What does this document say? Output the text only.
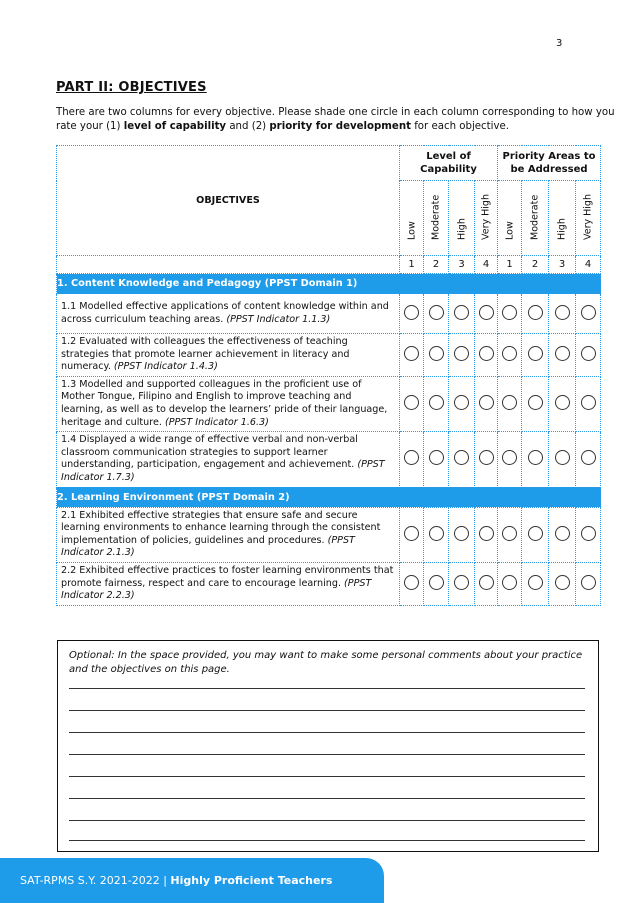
3
PART II: OBJECTIVES
There are two columns for every objective. Please shade one circle in each column corresponding to how you rate your (1) level of capability and (2) priority for development for each objective.
OBJECTIVES	Level of Capability				Priority Areas to be Addressed			

	Low	Moderate	High	Very High	Low	Moderate	High	Very High

	1	2	3	4	1	2	3	4
1. Content Knowledge and Pedagogy (PPST Domain 1)								
1.1 Modelled effective applications of content knowledge within and across curriculum teaching areas. (PPST Indicator 1.1.3)								
1.2 Evaluated with colleagues the effectiveness of teaching strategies that promote learner achievement in literacy and numeracy. (PPST Indicator 1.4.3)								
1.3 Modelled and supported colleagues in the proficient use of Mother Tongue, Filipino and English to improve teaching and learning, as well as to develop the learners’ pride of their language, heritage and culture. (PPST Indicator 1.6.3)								
1.4 Displayed a wide range of effective verbal and non-verbal classroom communication strategies to support learner understanding, participation, engagement and achievement. (PPST Indicator 1.7.3)								
2. Learning Environment (PPST Domain 2)								
2.1 Exhibited effective strategies that ensure safe and secure learning environments to enhance learning through the consistent implementation of policies, guidelines and procedures. (PPST Indicator 2.1.3)								
2.2 Exhibited effective practices to foster learning environments that promote fairness, respect and care to encourage learning. (PPST Indicator 2.2.3)								
Optional: In the space provided, you may want to make some personal comments about your practice and the objectives on this page.
SAT-RPMS S.Y. 2021-2022 | Highly Proficient Teachers
